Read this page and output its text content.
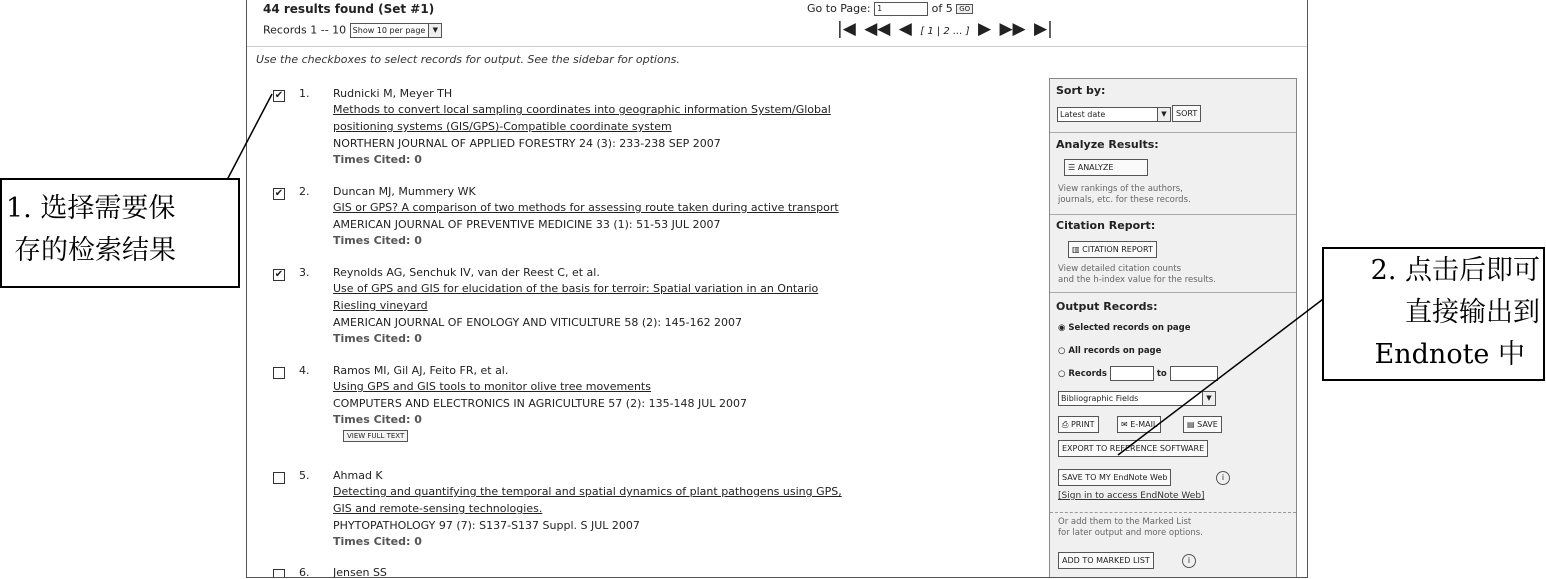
44 results found (Set #1)
Records 1 -- 10 Show 10 per page	▼
Go to Page: 1	of 5 GO
|◀ ◀◀ ◀ [ 1 | 2 ... ] ▶ ▶▶ ▶|
Use the checkboxes to select records for output. See the sidebar for options.
✔ 1. Rudnicki M, Meyer TH
Methods to convert local sampling coordinates into geographic information System/Global
positioning systems (GIS/GPS)-Compatible coordinate system
NORTHERN JOURNAL OF APPLIED FORESTRY 24 (3): 233-238 SEP 2007
Times Cited: 0
✔ 2. Duncan MJ, Mummery WK
GIS or GPS? A comparison of two methods for assessing route taken during active transport
AMERICAN JOURNAL OF PREVENTIVE MEDICINE 33 (1): 51-53 JUL 2007
Times Cited: 0
✔ 3. Reynolds AG, Senchuk IV, van der Reest C, et al.
Use of GPS and GIS for elucidation of the basis for terroir: Spatial variation in an Ontario
Riesling vineyard
AMERICAN JOURNAL OF ENOLOGY AND VITICULTURE 58 (2): 145-162 2007
Times Cited: 0
4. Ramos MI, Gil AJ, Feito FR, et al.
Using GPS and GIS tools to monitor olive tree movements
COMPUTERS AND ELECTRONICS IN AGRICULTURE 57 (2): 135-148 JUL 2007
Times Cited: 0
VIEW FULL TEXT
5. Ahmad K
Detecting and quantifying the temporal and spatial dynamics of plant pathogens using GPS,
GIS and remote-sensing technologies.
PHYTOPATHOLOGY 97 (7): S137-S137 Suppl. S JUL 2007
Times Cited: 0
6. Jensen SS
Sort by:
Latest date	▼	SORT
Analyze Results:
☰ ANALYZE
View rankings of the authors,
journals, etc. for these records.
Citation Report:
▥ CITATION REPORT
View detailed citation counts
and the h-index value for the results.
Output Records:
◉ Selected records on page
○ All records on page
○ Records	to
Bibliographic Fields	▼
⎙ PRINT	✉ E-MAIL	▤ SAVE
EXPORT TO REFERENCE SOFTWARE
SAVE TO MY EndNote Web	i
[Sign in to access EndNote Web]
Or add them to the Marked List
for later output and more options.
ADD TO MARKED LIST	i
1. 选择需要保
存的检索结果
2. 点击后即可
直接输出到
Endnote 中
